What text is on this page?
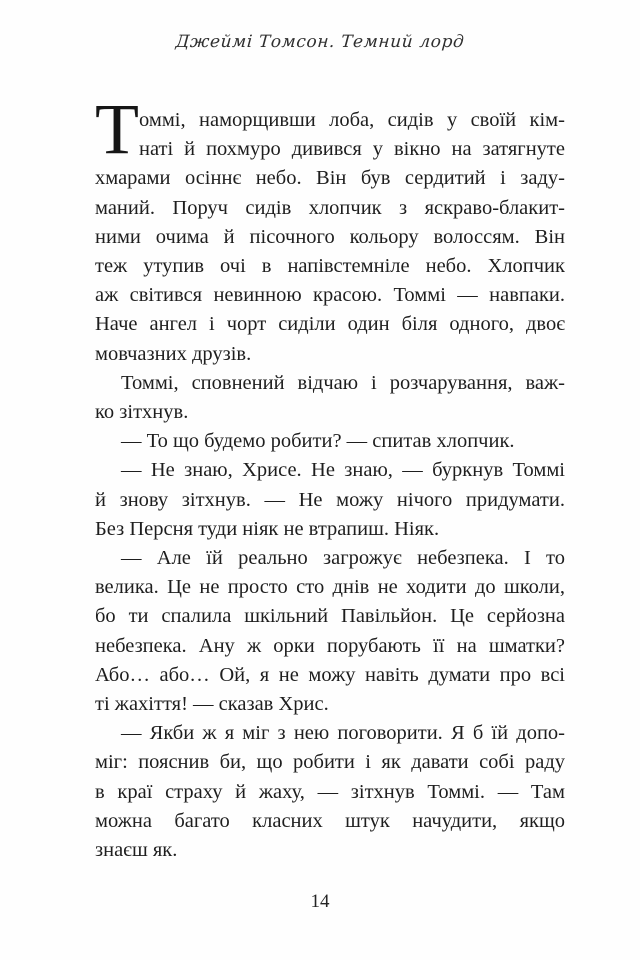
Джеймі Томсон. Темний лорд
Т оммі, наморщивши лоба, сидів у своїй кім-
наті й похмуро дивився у вікно на затягнуте
хмарами осіннє небо. Він був сердитий і заду-
маний. Поруч сидів хлопчик з яскраво-блакит-
ними очима й пісочного кольору волоссям. Він
теж утупив очі в напівстемніле небо. Хлопчик
аж світився невинною красою. Томмі — навпаки.
Наче ангел і чорт сиділи один біля одного, двоє
мовчазних друзів.
Томмі, сповнений відчаю і розчарування, важ-
ко зітхнув.
— То що будемо робити? — спитав хлопчик.
— Не знаю, Хрисе. Не знаю, — буркнув Томмі
й знову зітхнув. — Не можу нічого придумати.
Без Персня туди ніяк не втрапиш. Ніяк.
— Але їй реально загрожує небезпека. І то
велика. Це не просто сто днів не ходити до школи,
бо ти спалила шкільний Павільйон. Це серйозна
небезпека. Ану ж орки порубають її на шматки?
Або… або… Ой, я не можу навіть думати про всі
ті жахіття! — сказав Хрис.
— Якби ж я міг з нею поговорити. Я б їй допо-
міг: пояснив би, що робити і як давати собі раду
в краї страху й жаху, — зітхнув Томмі. — Там
можна багато класних штук начудити, якщо
знаєш як.
14
